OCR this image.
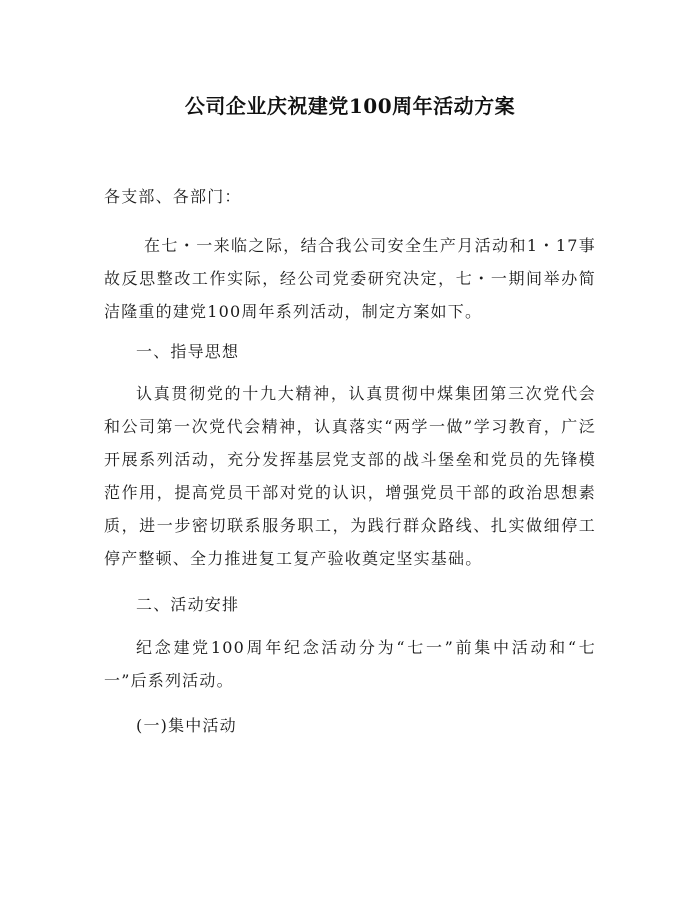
公司企业庆祝建党100周年活动方案

各支部、各部门：

在七・一来临之际，结合我公司安全生产月活动和1・17事故反思整改工作实际，经公司党委研究决定，七・一期间举办简洁隆重的建党100周年系列活动，制定方案如下。

一、指导思想

认真贯彻党的十九大精神，认真贯彻中煤集团第三次党代会和公司第一次党代会精神，认真落实“两学一做”学习教育，广泛开展系列活动，充分发挥基层党支部的战斗堡垒和党员的先锋模范作用，提高党员干部对党的认识，增强党员干部的政治思想素质，进一步密切联系服务职工，为践行群众路线、扎实做细停工停产整顿、全力推进复工复产验收奠定坚实基础。

二、活动安排

纪念建党100周年纪念活动分为“七一”前集中活动和“七一”后系列活动。

(一)集中活动
